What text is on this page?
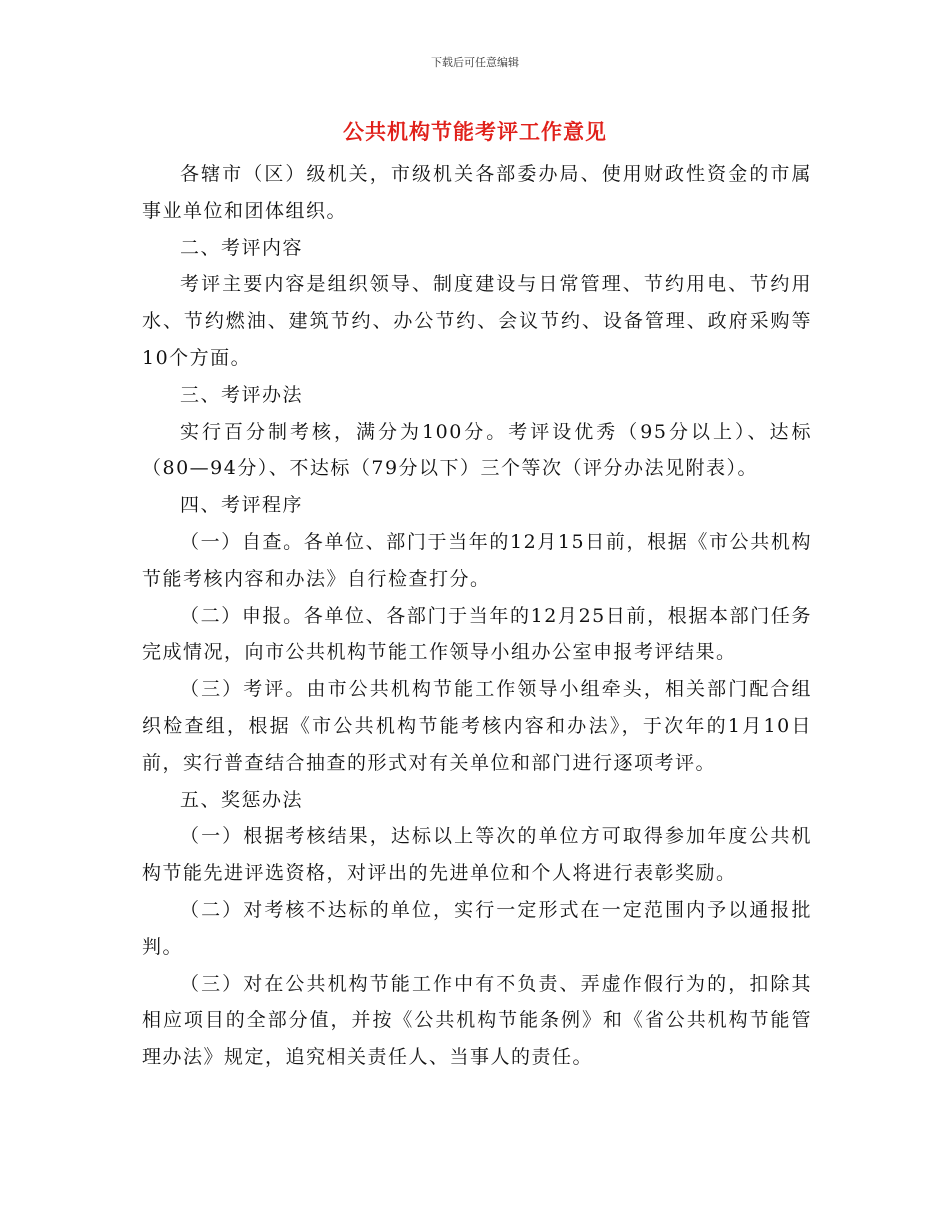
下载后可任意编辑
公共机构节能考评工作意见

各辖市（区）级机关，市级机关各部委办局、使用财政性资金的市属事业单位和团体组织。

二、考评内容

考评主要内容是组织领导、制度建设与日常管理、节约用电、节约用水、节约燃油、建筑节约、办公节约、会议节约、设备管理、政府采购等10个方面。

三、考评办法

实行百分制考核，满分为100分。考评设优秀（95分以上）、达标（80—94分）、不达标（79分以下）三个等次（评分办法见附表）。

四、考评程序

（一）自查。各单位、部门于当年的12月15日前，根据《市公共机构节能考核内容和办法》自行检查打分。

（二）申报。各单位、各部门于当年的12月25日前，根据本部门任务完成情况，向市公共机构节能工作领导小组办公室申报考评结果。

（三）考评。由市公共机构节能工作领导小组牵头，相关部门配合组织检查组，根据《市公共机构节能考核内容和办法》，于次年的1月10日前，实行普查结合抽查的形式对有关单位和部门进行逐项考评。

五、奖惩办法

（一）根据考核结果，达标以上等次的单位方可取得参加年度公共机构节能先进评选资格，对评出的先进单位和个人将进行表彰奖励。

（二）对考核不达标的单位，实行一定形式在一定范围内予以通报批判。

（三）对在公共机构节能工作中有不负责、弄虚作假行为的，扣除其相应项目的全部分值，并按《公共机构节能条例》和《省公共机构节能管理办法》规定，追究相关责任人、当事人的责任。
